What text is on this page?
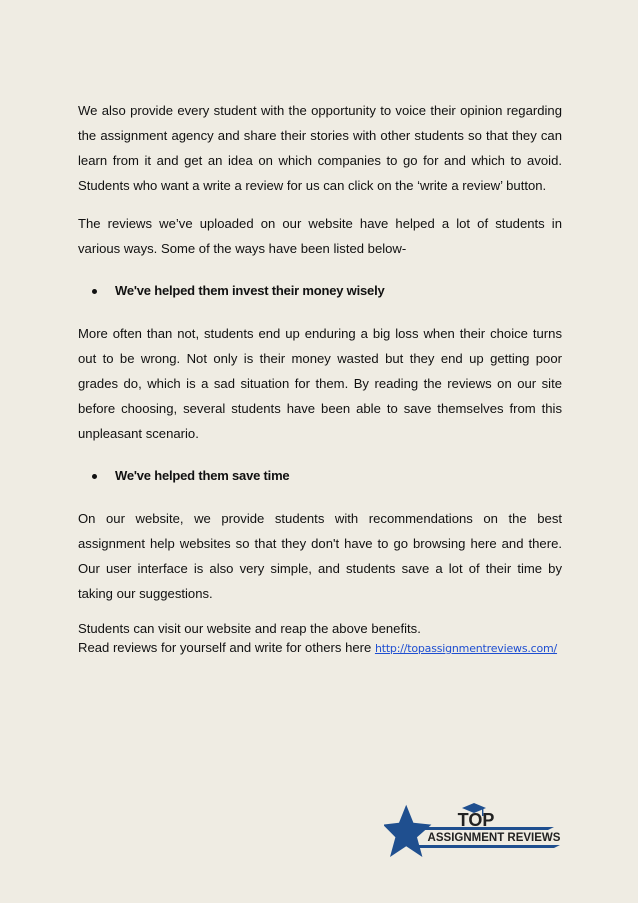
We also provide every student with the opportunity to voice their opinion regarding the assignment agency and share their stories with other students so that they can learn from it and get an idea on which companies to go for and which to avoid. Students who want a write a review for us can click on the ‘write a review’ button.

The reviews we’ve uploaded on our website have helped a lot of students in various ways. Some of the ways have been listed below-

We've helped them invest their money wisely

More often than not, students end up enduring a big loss when their choice turns out to be wrong. Not only is their money wasted but they end up getting poor grades do, which is a sad situation for them. By reading the reviews on our site before choosing, several students have been able to save themselves from this unpleasant scenario.

We've helped them save time

On our website, we provide students with recommendations on the best assignment help websites so that they don't have to go browsing here and there. Our user interface is also very simple, and students save a lot of their time by taking our suggestions.

Students can visit our website and reap the above benefits.

Read reviews for yourself and write for others here http://topassignmentreviews.com/

TOP
ASSIGNMENT REVIEWS
